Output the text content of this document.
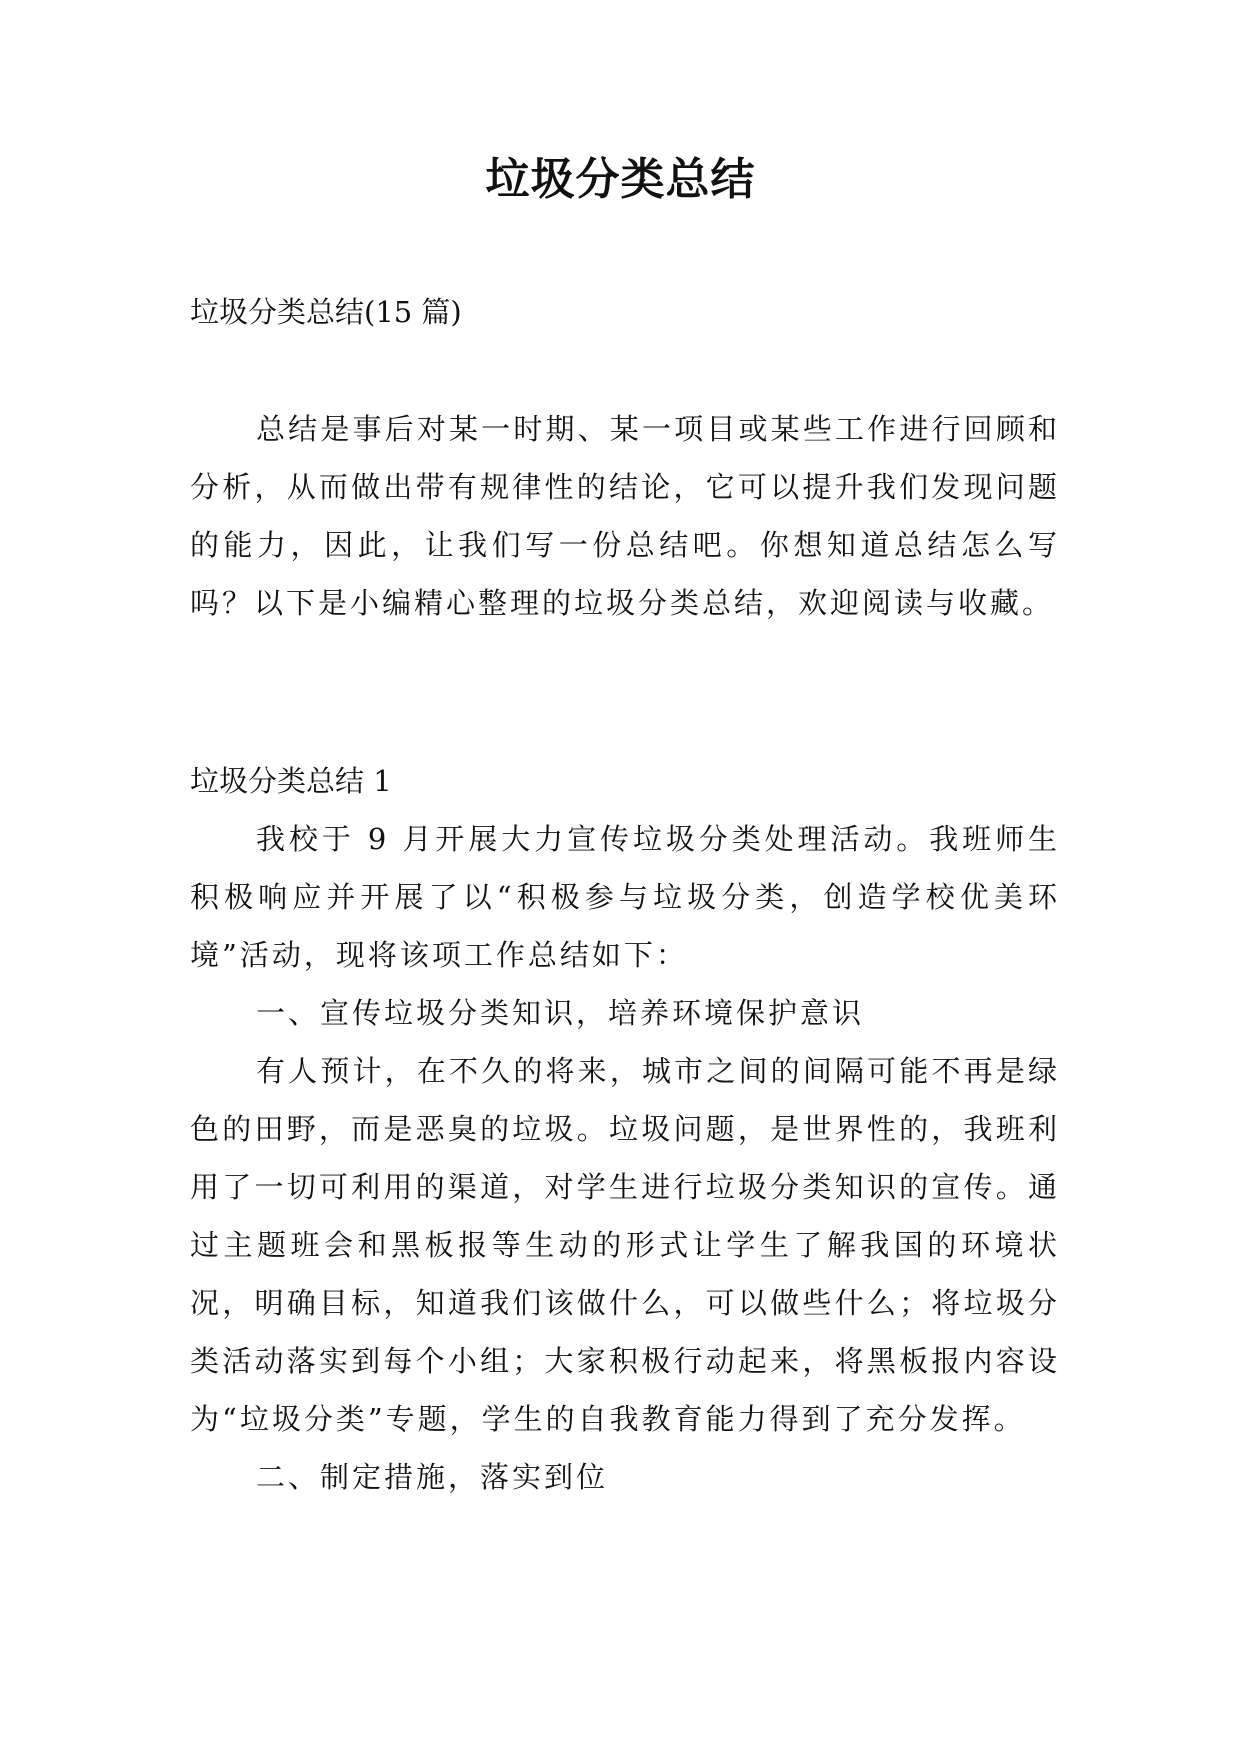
垃圾分类总结
垃圾分类总结(15 篇)

总结是事后对某一时期、某一项目或某些工作进行回顾和分析，从而做出带有规律性的结论，它可以提升我们发现问题的能力，因此，让我们写一份总结吧。你想知道总结怎么写吗？以下是小编精心整理的垃圾分类总结，欢迎阅读与收藏。

垃圾分类总结 1

我校于 9 月开展大力宣传垃圾分类处理活动。我班师生积极响应并开展了以“积极参与垃圾分类，创造学校优美环境”活动，现将该项工作总结如下：

一、宣传垃圾分类知识，培养环境保护意识

有人预计，在不久的将来，城市之间的间隔可能不再是绿色的田野，而是恶臭的垃圾。垃圾问题，是世界性的，我班利用了一切可利用的渠道，对学生进行垃圾分类知识的宣传。通过主题班会和黑板报等生动的形式让学生了解我国的环境状况，明确目标，知道我们该做什么，可以做些什么；将垃圾分类活动落实到每个小组；大家积极行动起来，将黑板报内容设为“垃圾分类”专题，学生的自我教育能力得到了充分发挥。

二、制定措施，落实到位
